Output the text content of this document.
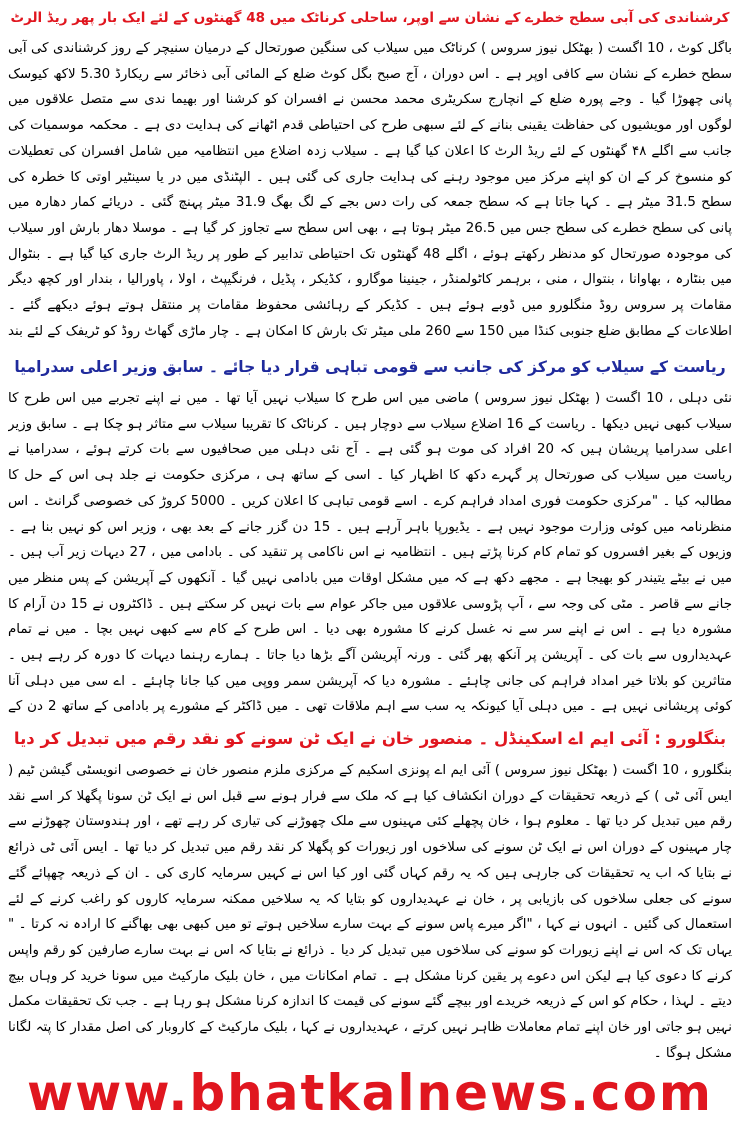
کرشناندی کی آبی سطح خطرے کے نشان سے اوپر، ساحلی کرناٹک میں 48 گھنٹوں کے لئے ایک بار پھر ریڈ الرٹ

باگل کوٹ ، 10 اگست ( بھٹکل نیوز سروس ) کرناٹک میں سیلاب کی سنگین صورتحال کے درمیان سنیچر کے روز کرشناندی کی آبی سطح خطرے کے نشان سے کافی اوپر ہے ۔ اس دوران ، آج صبح بگل کوٹ ضلع کے المائی آبی ذخائر سے ریکارڈ 5.30 لاکھ کیوسک پانی چھوڑا گیا ۔ وجے پورہ ضلع کے انچارج سکریٹری محمد محسن نے افسران کو کرشنا اور بھیما ندی سے متصل علاقوں میں لوگوں اور مویشیوں کی حفاظت یقینی بنانے کے لئے سبھی طرح کی احتیاطی قدم اٹھانے کی ہدایت دی ہے ۔ محکمہ موسمیات کی جانب سے اگلے ۴۸ گھنٹوں کے لئے ریڈ الرٹ کا اعلان کیا گیا ہے ۔ سیلاب زدہ اضلاع میں انتظامیہ میں شامل افسران کی تعطیلات کو منسوخ کر کے ان کو اپنے مرکز میں موجود رہنے کی ہدایت جاری کی گئی ہیں ۔ الپٹنڈی میں در یا سینٹیر اوتی کا خطرہ کی سطح 31.5 میٹر ہے ۔ کہا جاتا ہے کہ سطح جمعہ کی رات دس بجے کے لگ بھگ 31.9 میٹر پہنچ گئی ۔ دریائے کمار دھارہ میں پانی کی سطح خطرے کی سطح جس میں 26.5 میٹر ہوتا ہے ، بھی اس سطح سے تجاوز کر گیا ہے ۔ موسلا دھار بارش اور سیلاب کی موجودہ صورتحال کو مدنظر رکھتے ہوئے ، اگلے 48 گھنٹوں تک احتیاطی تدابیر کے طور پر ریڈ الرٹ جاری کیا گیا ہے ۔ بنٹوال میں بنٹارہ ، بھاوانا ، بنتوال ، منی ، برہمر کاٹولمنڈر ، جینینا موگارو ، کڈیکر ، پڈیل ، فرنگیپٹ ، اولا ، پاورالیا ، بندار اور کچھ دیگر مقامات پر سروس روڈ منگلورو میں ڈوبے ہوئے ہیں ۔ کڈیکر کے رہائشی محفوظ مقامات پر منتقل ہوتے ہوئے دیکھے گئے ۔ اطلاعات کے مطابق ضلع جنوبی کنڈا میں 150 سے 260 ملی میٹر تک بارش کا امکان ہے ۔ چار ماڑی گھاٹ روڈ کو ٹریفک کے لئے بند

ریاست کے سیلاب کو مرکز کی جانب سے قومی تباہی قرار دیا جائے ۔ سابق وزیر اعلی سدرامیا

نئی دہلی ، 10 اگست ( بھٹکل نیوز سروس ) ماضی میں اس طرح کا سیلاب نہیں آیا تھا ۔ میں نے اپنے تجربے میں اس طرح کا سیلاب کبھی نہیں دیکھا ۔ ریاست کے 16 اضلاع سیلاب سے دوچار ہیں ۔ کرناٹک کا تقریبا سیلاب سے متاثر ہو چکا ہے ۔ سابق وزیر اعلی سدرامیا پریشان ہیں کہ 20 افراد کی موت ہو گئی ہے ۔ آج نئی دہلی میں صحافیوں سے بات کرتے ہوئے ، سدرامیا نے ریاست میں سیلاب کی صورتحال پر گہرے دکھ کا اظہار کیا ۔ اسی کے ساتھ ہی ، مرکزی حکومت نے جلد ہی اس کے حل کا مطالبہ کیا ۔ "مرکزی حکومت فوری امداد فراہم کرے ۔ اسے قومی تباہی کا اعلان کریں ۔ 5000 کروڑ کی خصوصی گرانٹ ۔ اس منظرنامہ میں کوئی وزارت موجود نہیں ہے ۔ یڈیورپا باہر آرہے ہیں ۔ 15 دن گزر جانے کے بعد بھی ، وزیر اس کو نہیں بنا ہے ۔ وزیوں کے بغیر افسروں کو تمام کام کرنا پڑتے ہیں ۔ انتظامیہ نے اس ناکامی پر تنقید کی ۔ بادامی میں ، 27 دیہات زیر آب ہیں ۔ میں نے بیٹے یتیندر کو بھیجا ہے ۔ مجھے دکھ ہے کہ میں مشکل اوقات میں بادامی نہیں گیا ۔ آنکھوں کے آپریشن کے پس منظر میں جانے سے قاصر ۔ مٹی کی وجہ سے ، آپ پڑوسی علاقوں میں جاکر عوام سے بات نہیں کر سکتے ہیں ۔ ڈاکٹروں نے 15 دن آرام کا مشورہ دیا ہے ۔ اس نے اپنے سر سے نہ غسل کرنے کا مشورہ بھی دیا ۔ اس طرح کے کام سے کبھی نہیں بچا ۔ میں نے تمام عہدیداروں سے بات کی ۔ آپریشن پر آنکھ پھر گئی ۔ ورنہ آپریشن آگے بڑھا دیا جاتا ۔ ہمارے رہنما دیہات کا دورہ کر رہے ہیں ۔ متاثرین کو بلاتا خیر امداد فراہم کی جانی چاہئے ۔ مشورہ دیا کہ آپریشن سمر ووپی میں کیا جانا چاہئے ۔ اے سی میں دہلی آنا کوئی پریشانی نہیں ہے ۔ میں دہلی آیا کیونکہ یہ سب سے اہم ملاقات تھی ۔ میں ڈاکٹر کے مشورے پر بادامی کے ساتھ 2 دن کے

بنگلورو : آئی ایم اے اسکینڈل ۔ منصور خان نے ایک ٹن سونے کو نقد رقم میں تبدیل کر دیا

بنگلورو ، 10 اگست ( بھٹکل نیوز سروس ) آئی ایم اے پونزی اسکیم کے مرکزی ملزم منصور خان نے خصوصی انویسٹی گیشن ٹیم ( ایس آئی ٹی ) کے ذریعہ تحقیقات کے دوران انکشاف کیا ہے کہ ملک سے فرار ہونے سے قبل اس نے ایک ٹن سونا پگھلا کر اسے نقد رقم میں تبدیل کر دیا تھا ۔ معلوم ہوا ، خان پچھلے کئی مہینوں سے ملک چھوڑنے کی تیاری کر رہے تھے ، اور ہندوستان چھوڑنے سے چار مہینوں کے دوران اس نے ایک ٹن سونے کی سلاخوں اور زیورات کو پگھلا کر نقد رقم میں تبدیل کر دیا تھا ۔ ایس آئی ٹی ذرائع نے بتایا کہ اب یہ تحقیقات کی جارہی ہیں کہ یہ رقم کہاں گئی اور کیا اس نے کہیں سرمایہ کاری کی ۔ ان کے ذریعہ چھپائے گئے سونے کی جعلی سلاخوں کی بازیابی پر ، خان نے عہدیداروں کو بتایا کہ یہ سلاخیں ممکنہ سرمایہ کاروں کو راغب کرنے کے لئے استعمال کی گئیں ۔ انہوں نے کہا ، "اگر میرے پاس سونے کے بہت سارے سلاخیں ہوتے تو میں کبھی بھی بھاگنے کا ارادہ نہ کرتا ۔ " یہاں تک کہ اس نے اپنے زیورات کو سونے کی سلاخوں میں تبدیل کر دیا ۔ ذرائع نے بتایا کہ اس نے بہت سارے صارفین کو رقم واپس کرنے کا دعوی کیا ہے لیکن اس دعوے پر یقین کرنا مشکل ہے ۔ تمام امکانات میں ، خان بلیک مارکیٹ میں سونا خرید کر وہاں بیچ دیتے ۔ لہذا ، حکام کو اس کے ذریعہ خریدے اور بیچے گئے سونے کی قیمت کا اندازہ کرنا مشکل ہو رہا ہے ۔ جب تک تحقیقات مکمل نہیں ہو جاتی اور خان اپنے تمام معاملات ظاہر نہیں کرتے ، عہدیداروں نے کہا ، بلیک مارکیٹ کے کاروبار کی اصل مقدار کا پتہ لگانا مشکل ہوگا ۔

www.bhatkalnews.com
